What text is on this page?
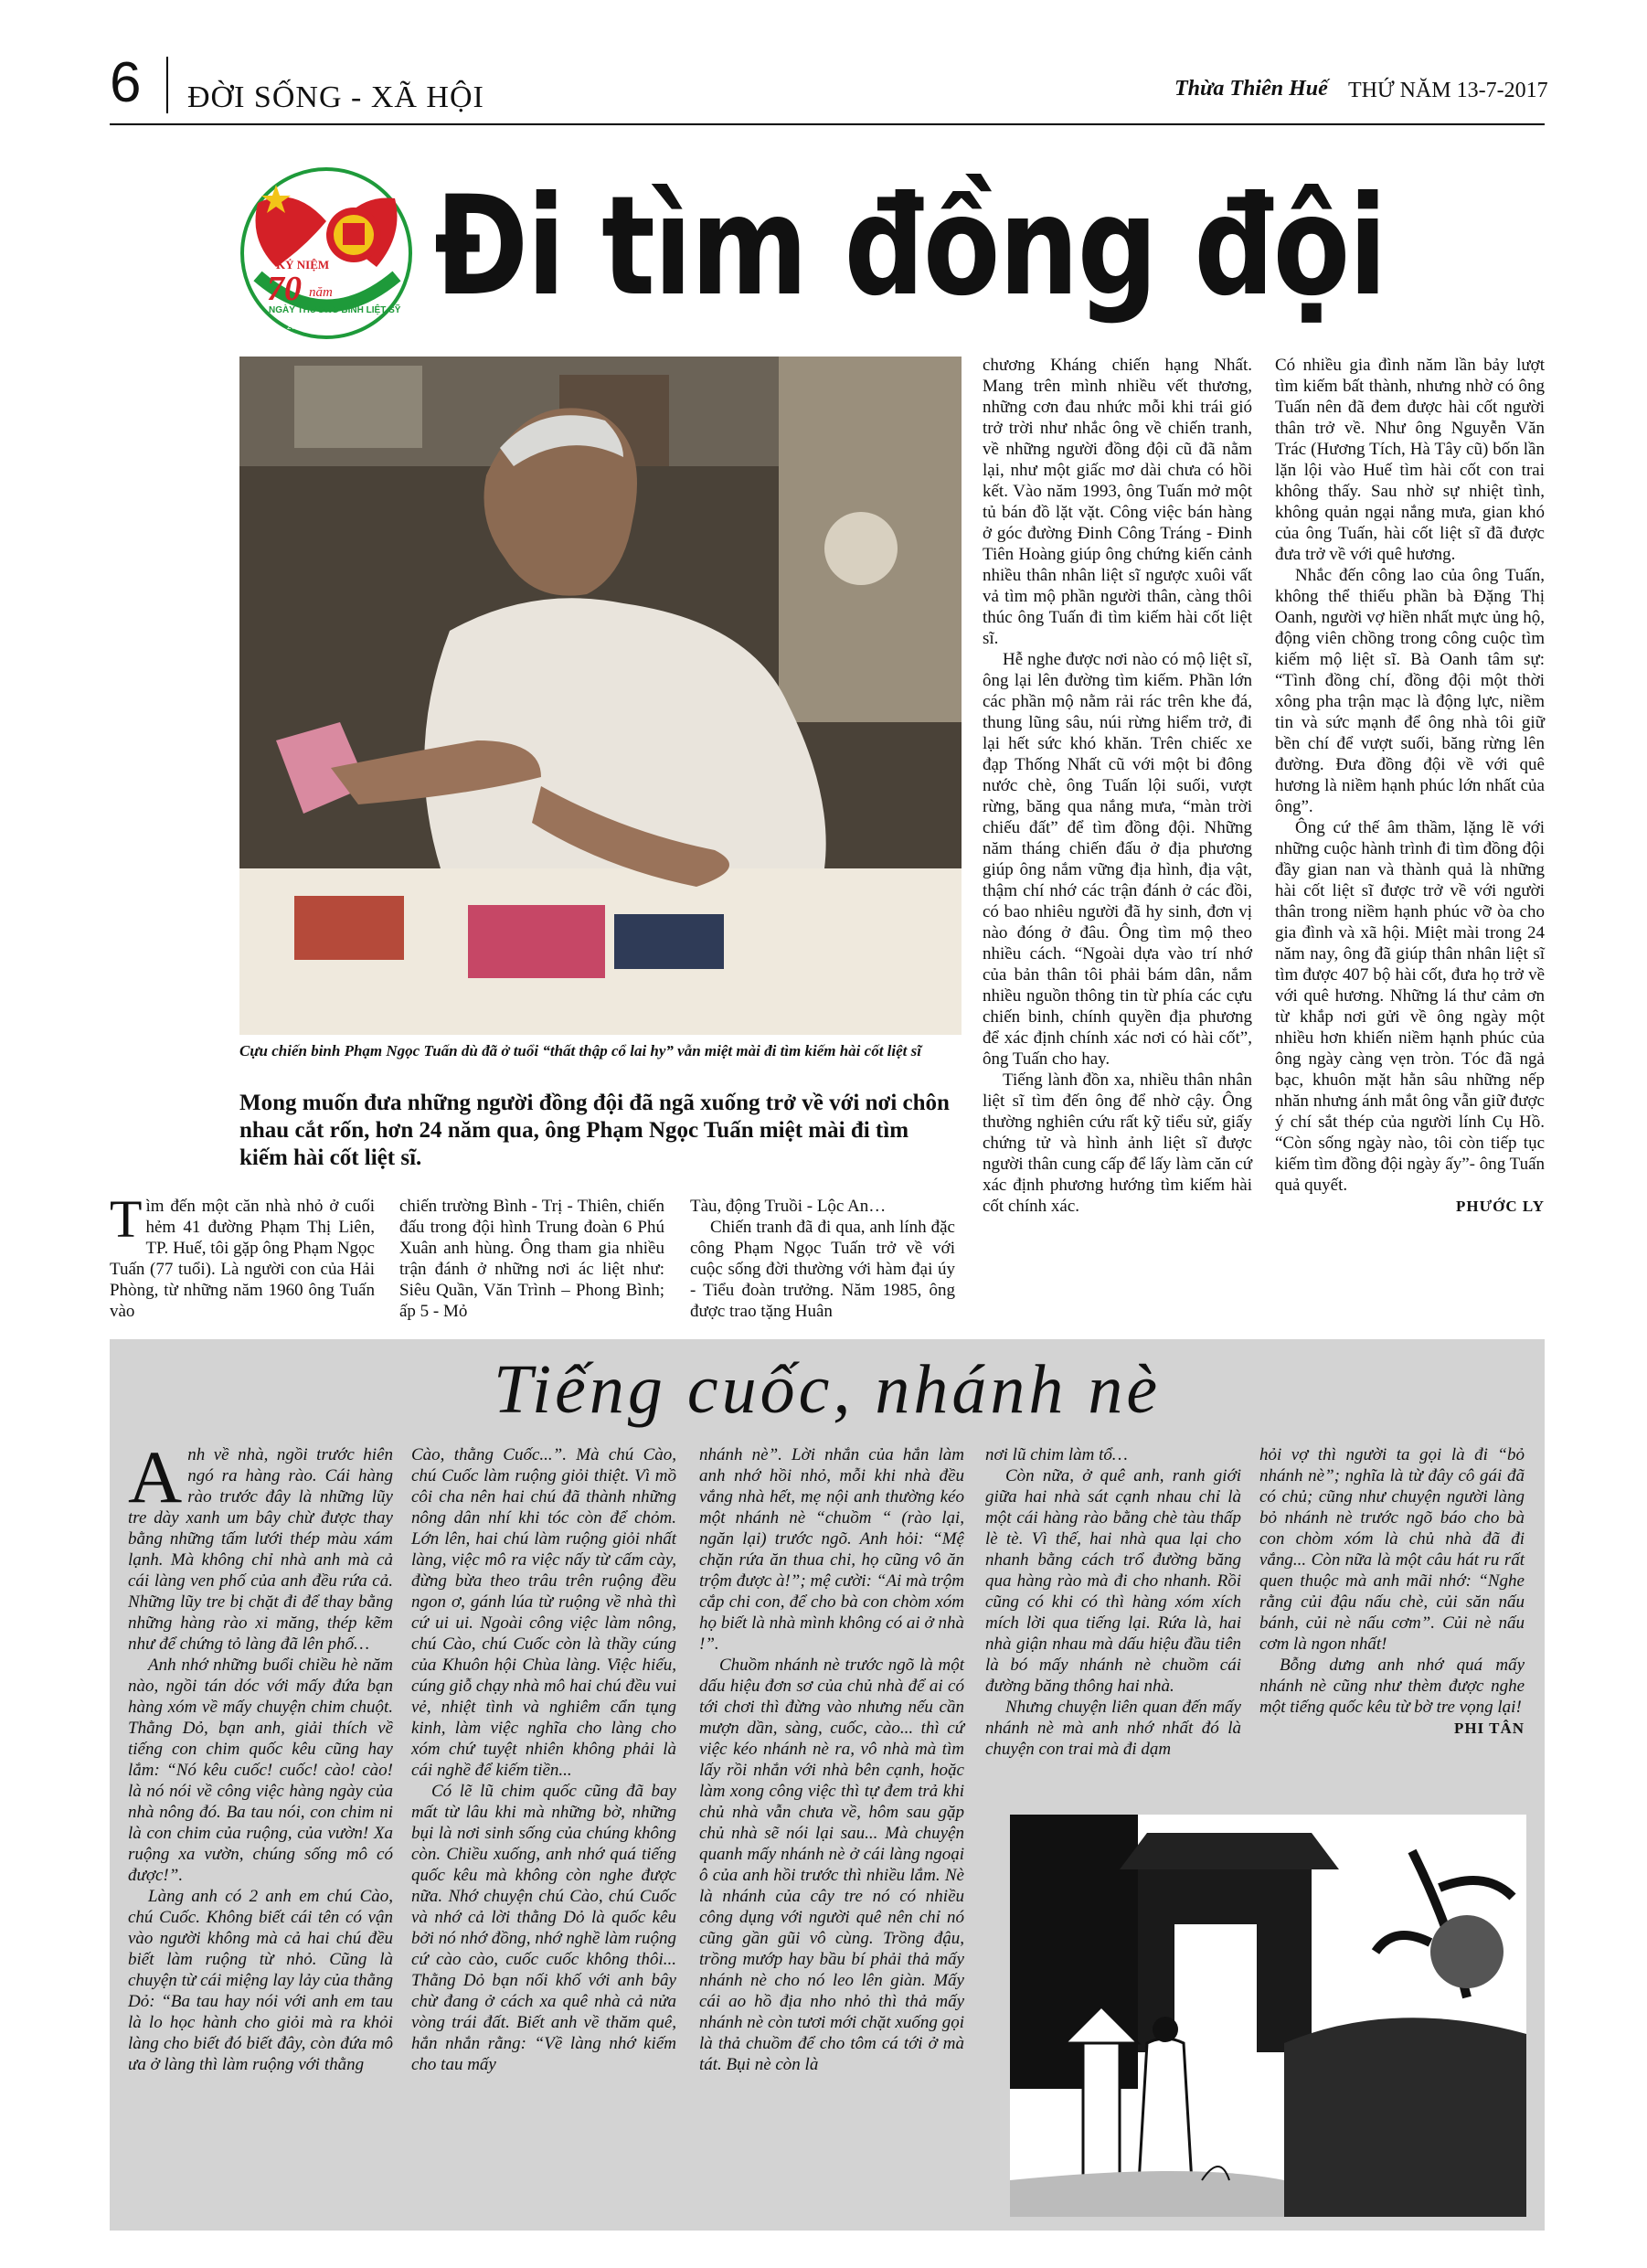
6 ĐỜI SỐNG - XÃ HỘI	Thừa Thiên Huế THỨ NĂM 13-7-2017
KỶ NIỆM
70 năm
NGÀY THƯƠNG BINH LIỆT SỸ
27/7/1947 - 27/7/2017
Đi tìm đồng đội
Cựu chiến binh Phạm Ngọc Tuấn dù đã ở tuổi “thất thập cổ lai hy” vẫn miệt mài đi tìm kiếm hài cốt liệt sĩ
Mong muốn đưa những người đồng đội đã ngã xuống trở về với nơi chôn nhau cắt rốn, hơn 24 năm qua, ông Phạm Ngọc Tuấn miệt mài đi tìm kiếm hài cốt liệt sĩ.

Tìm đến một căn nhà nhỏ ở cuối hẻm 41 đường Phạm Thị Liên, TP. Huế, tôi gặp ông Phạm Ngọc Tuấn (77 tuổi). Là người con của Hải Phòng, từ những năm 1960 ông Tuấn vào

chiến trường Bình - Trị - Thiên, chiến đấu trong đội hình Trung đoàn 6 Phú Xuân anh hùng. Ông tham gia nhiều trận đánh ở những nơi ác liệt như: Siêu Quần, Văn Trình – Phong Bình; ấp 5 - Mỏ

Tàu, động Truồi - Lộc An…

Chiến tranh đã đi qua, anh lính đặc công Phạm Ngọc Tuấn trở về với cuộc sống đời thường với hàm đại úy - Tiểu đoàn trưởng. Năm 1985, ông được trao tặng Huân

chương Kháng chiến hạng Nhất. Mang trên mình nhiều vết thương, những cơn đau nhức mỗi khi trái gió trở trời như nhắc ông về chiến tranh, về những người đồng đội cũ đã nằm lại, như một giấc mơ dài chưa có hồi kết. Vào năm 1993, ông Tuấn mở một tủ bán đồ lặt vặt. Công việc bán hàng ở góc đường Đinh Công Tráng - Đinh Tiên Hoàng giúp ông chứng kiến cảnh nhiều thân nhân liệt sĩ ngược xuôi vất vả tìm mộ phần người thân, càng thôi thúc ông Tuấn đi tìm kiếm hài cốt liệt sĩ.

Hễ nghe được nơi nào có mộ liệt sĩ, ông lại lên đường tìm kiếm. Phần lớn các phần mộ nằm rải rác trên khe đá, thung lũng sâu, núi rừng hiểm trở, đi lại hết sức khó khăn. Trên chiếc xe đạp Thống Nhất cũ với một bi đông nước chè, ông Tuấn lội suối, vượt rừng, băng qua nắng mưa, “màn trời chiếu đất” để tìm đồng đội. Những năm tháng chiến đấu ở địa phương giúp ông nắm vững địa hình, địa vật, thậm chí nhớ các trận đánh ở các đồi, có bao nhiêu người đã hy sinh, đơn vị nào đóng ở đâu. Ông tìm mộ theo nhiều cách. “Ngoài dựa vào trí nhớ của bản thân tôi phải bám dân, nắm nhiều nguồn thông tin từ phía các cựu chiến binh, chính quyền địa phương để xác định chính xác nơi có hài cốt”, ông Tuấn cho hay.

Tiếng lành đồn xa, nhiều thân nhân liệt sĩ tìm đến ông để nhờ cậy. Ông thường nghiên cứu rất kỹ tiểu sử, giấy chứng tử và hình ảnh liệt sĩ được người thân cung cấp để lấy làm căn cứ xác định phương hướng tìm kiếm hài cốt chính xác.

Có nhiều gia đình năm lần bảy lượt tìm kiếm bất thành, nhưng nhờ có ông Tuấn nên đã đem được hài cốt người thân trở về. Như ông Nguyễn Văn Trác (Hương Tích, Hà Tây cũ) bốn lần lặn lội vào Huế tìm hài cốt con trai không thấy. Sau nhờ sự nhiệt tình, không quản ngại nắng mưa, gian khó của ông Tuấn, hài cốt liệt sĩ đã được đưa trở về với quê hương.

Nhắc đến công lao của ông Tuấn, không thể thiếu phần bà Đặng Thị Oanh, người vợ hiền nhất mực ủng hộ, động viên chồng trong công cuộc tìm kiếm mộ liệt sĩ. Bà Oanh tâm sự: “Tình đồng chí, đồng đội một thời xông pha trận mạc là động lực, niềm tin và sức mạnh để ông nhà tôi giữ bền chí để vượt suối, băng rừng lên đường. Đưa đồng đội về với quê hương là niềm hạnh phúc lớn nhất của ông”.

Ông cứ thế âm thầm, lặng lẽ với những cuộc hành trình đi tìm đồng đội đầy gian nan và thành quả là những hài cốt liệt sĩ được trở về với người thân trong niềm hạnh phúc vỡ òa cho gia đình và xã hội. Miệt mài trong 24 năm nay, ông đã giúp thân nhân liệt sĩ tìm được 407 bộ hài cốt, đưa họ trở về với quê hương. Những lá thư cảm ơn từ khắp nơi gửi về ông ngày một nhiều hơn khiến niềm hạnh phúc của ông ngày càng vẹn tròn. Tóc đã ngả bạc, khuôn mặt hằn sâu những nếp nhăn nhưng ánh mắt ông vẫn giữ được ý chí sắt thép của người lính Cụ Hồ. “Còn sống ngày nào, tôi còn tiếp tục kiếm tìm đồng đội ngày ấy”- ông Tuấn quả quyết.

PHƯỚC LY
Tiếng cuốc, nhánh nè

Anh về nhà, ngồi trước hiên ngó ra hàng rào. Cái hàng rào trước đây là những lũy tre dày xanh um bây chừ được thay bằng những tấm lưới thép màu xám lạnh. Mà không chỉ nhà anh mà cả cái làng ven phố của anh đều rứa cả. Những lũy tre bị chặt đi để thay bằng những hàng rào xi măng, thép kẽm như để chứng tỏ làng đã lên phố…

Anh nhớ những buổi chiều hè năm nào, ngồi tán dóc với mấy đứa bạn hàng xóm về mấy chuyện chim chuột. Thằng Dỏ, bạn anh, giải thích về tiếng con chim quốc kêu cũng hay lắm: “Nó kêu cuốc! cuốc! cào! cào! là nó nói về công việc hàng ngày của nhà nông đó. Ba tau nói, con chim ni là con chim của ruộng, của vườn! Xa ruộng xa vườn, chúng sống mô có được!”.

Làng anh có 2 anh em chú Cào, chú Cuốc. Không biết cái tên có vận vào người không mà cả hai chú đều biết làm ruộng từ nhỏ. Cũng là chuyện từ cái miệng lay lảy của thằng Dỏ: “Ba tau hay nói với anh em tau là lo học hành cho giỏi mà ra khỏi làng cho biết đó biết đây, còn đứa mô ưa ở làng thì làm ruộng với thằng

Cào, thằng Cuốc...”. Mà chú Cào, chú Cuốc làm ruộng giỏi thiệt. Vì mồ côi cha nên hai chú đã thành những nông dân nhí khi tóc còn để chỏm. Lớn lên, hai chú làm ruộng giỏi nhất làng, việc mô ra việc nấy từ cấm cày, đừng bừa theo trâu trên ruộng đều ngon ơ, gánh lúa từ ruộng về nhà thì cứ ui ui. Ngoài công việc làm nông, chú Cào, chú Cuốc còn là thầy cúng của Khuôn hội Chùa làng. Việc hiếu, cúng giỗ chạy nhà mô hai chú đều vui vẻ, nhiệt tình và nghiêm cẩn tụng kinh, làm việc nghĩa cho làng cho xóm chứ tuyệt nhiên không phải là cái nghề để kiếm tiền...

Có lẽ lũ chim quốc cũng đã bay mất từ lâu khi mà những bờ, những bụi là nơi sinh sống của chúng không còn. Chiều xuống, anh nhớ quá tiếng quốc kêu mà không còn nghe được nữa. Nhớ chuyện chú Cào, chú Cuốc và nhớ cả lời thằng Dỏ là quốc kêu bởi nó nhớ đồng, nhớ nghề làm ruộng cứ cào cào, cuốc cuốc không thôi... Thằng Dỏ bạn nối khố với anh bây chừ đang ở cách xa quê nhà cả nửa vòng trái đất. Biết anh về thăm quê, hắn nhắn rằng: “Về làng nhớ kiếm cho tau mấy

nhánh nè”. Lời nhắn của hắn làm anh nhớ hồi nhỏ, mỗi khi nhà đều vắng nhà hết, mẹ nội anh thường kéo một nhánh nè “chuồm “ (rào lại, ngăn lại) trước ngõ. Anh hỏi: “Mệ chặn rứa ăn thua chi, họ cũng vô ăn trộm được à!”; mệ cười: “Ai mà trộm cắp chi con, để cho bà con chòm xóm họ biết là nhà mình không có ai ở nhà !”.

Chuồm nhánh nè trước ngõ là một dấu hiệu đơn sơ của chủ nhà để ai có tới chơi thì đừng vào nhưng nếu cần mượn dần, sàng, cuốc, cào... thì cứ việc kéo nhánh nè ra, vô nhà mà tìm lấy rồi nhắn với nhà bên cạnh, hoặc làm xong công việc thì tự đem trả khi chủ nhà vẫn chưa về, hôm sau gặp chủ nhà sẽ nói lại sau... Mà chuyện quanh mấy nhánh nè ở cái làng ngoại ô của anh hồi trước thì nhiều lắm. Nè là nhánh của cây tre nó có nhiều công dụng với người quê nên chỉ nó cũng gần gũi vô cùng. Trồng đậu, trồng mướp hay bầu bí phải thả mấy nhánh nè cho nó leo lên giàn. Mấy cái ao hồ địa nho nhỏ thì thả mấy nhánh nè còn tươi mới chặt xuống gọi là thả chuồm để cho tôm cá tới ở mà tát. Bụi nè còn là

nơi lũ chim làm tổ…

Còn nữa, ở quê anh, ranh giới giữa hai nhà sát cạnh nhau chỉ là một cái hàng rào bằng chè tàu thấp lè tè. Vì thế, hai nhà qua lại cho nhanh bằng cách trổ đường băng qua hàng rào mà đi cho nhanh. Rồi cũng có khi có thì hàng xóm xích mích lời qua tiếng lại. Rứa là, hai nhà giận nhau mà dấu hiệu đầu tiên là bó mấy nhánh nè chuồm cái đường băng thông hai nhà.

Nhưng chuyện liên quan đến mấy nhánh nè mà anh nhớ nhất đó là chuyện con trai mà đi dạm

hỏi vợ thì người ta gọi là đi “bỏ nhánh nè”; nghĩa là từ đây cô gái đã có chủ; cũng như chuyện người làng bỏ nhánh nè trước ngõ báo cho bà con chòm xóm là chủ nhà đã đi vắng... Còn nữa là một câu hát ru rất quen thuộc mà anh mãi nhớ: “Nghe rằng củi đậu nấu chè, củi săn nấu bánh, củi nè nấu cơm”. Củi nè nấu cơm là ngon nhất!

Bỗng dưng anh nhớ quá mấy nhánh nè cũng như thèm được nghe một tiếng quốc kêu từ bờ tre vọng lại!

PHI TÂN
